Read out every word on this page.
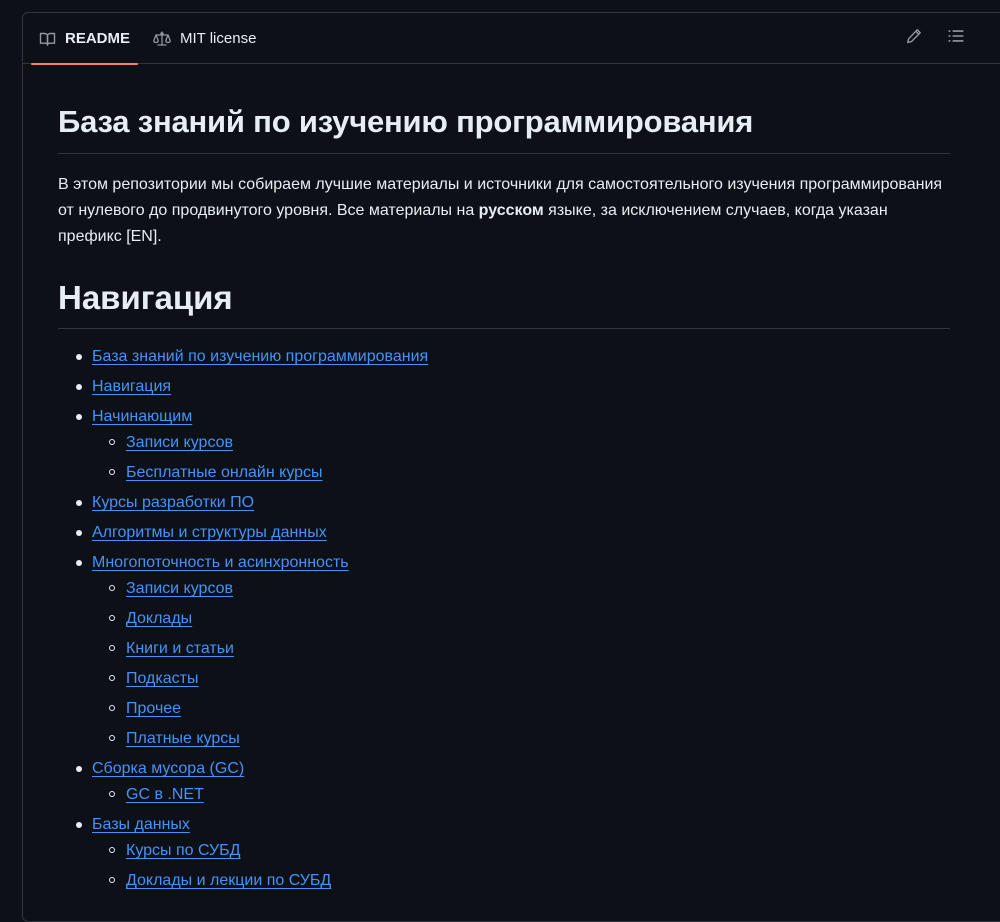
README	MIT license
База знаний по изучению программирования

В этом репозитории мы собираем лучшие материалы и источники для самостоятельного изучения программирования от нулевого до продвинутого уровня. Все материалы на русском языке, за исключением случаев, когда указан префикс [EN].

Навигация
База знаний по изучению программирования
Навигация
Начинающим
Записи курсов
Бесплатные онлайн курсы
Курсы разработки ПО
Алгоритмы и структуры данных
Многопоточность и асинхронность
Записи курсов
Доклады
Книги и статьи
Подкасты
Прочее
Платные курсы
Сборка мусора (GC)
GC в .NET
Базы данных
Курсы по СУБД
Доклады и лекции по СУБД
